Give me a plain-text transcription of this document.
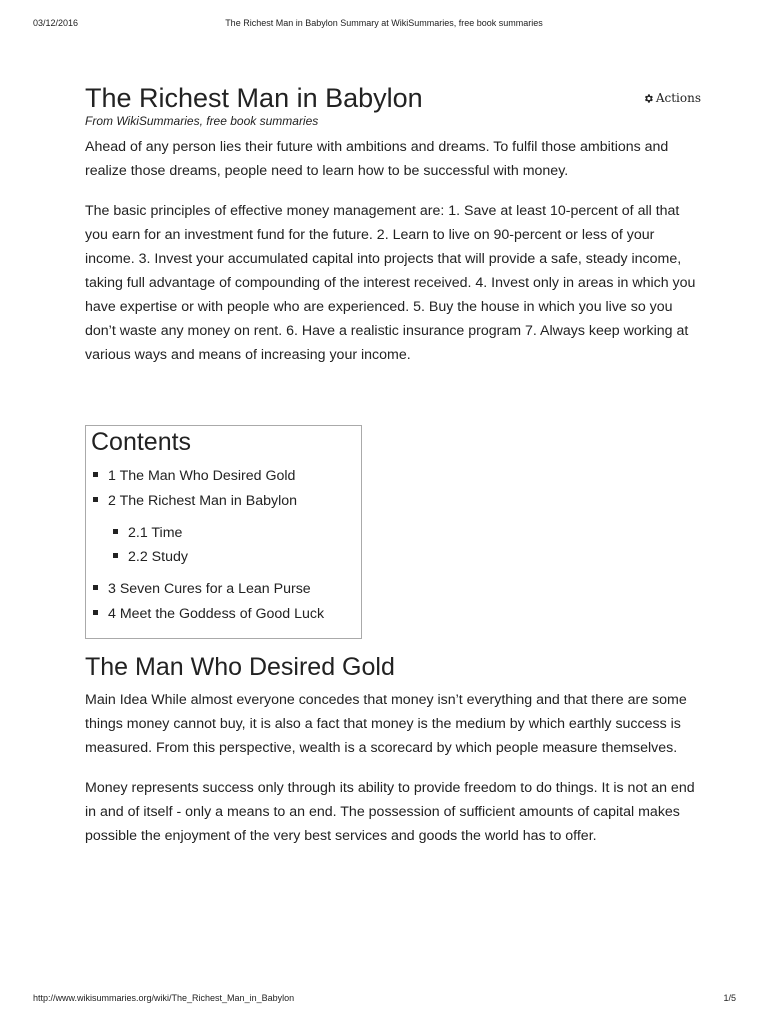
03/12/2016	The Richest Man in Babylon Summary at WikiSummaries, free book summaries
The Richest Man in Babylon	Actions
From WikiSummaries, free book summaries

Ahead of any person lies their future with ambitions and dreams. To fulfil those ambitions and realize those dreams, people need to learn how to be successful with money.

The basic principles of effective money management are: 1. Save at least 10-percent of all that you earn for an investment fund for the future. 2. Learn to live on 90-percent or less of your income. 3. Invest your accumulated capital into projects that will provide a safe, steady income, taking full advantage of compounding of the interest received. 4. Invest only in areas in which you have expertise or with people who are experienced. 5. Buy the house in which you live so you don’t waste any money on rent. 6. Have a realistic insurance program 7. Always keep working at various ways and means of increasing your income.

Contents
1 The Man Who Desired Gold
2 The Richest Man in Babylon
2.1 Time
2.2 Study
3 Seven Cures for a Lean Purse
4 Meet the Goddess of Good Luck
The Man Who Desired Gold

Main Idea While almost everyone concedes that money isn’t everything and that there are some things money cannot buy, it is also a fact that money is the medium by which earthly success is measured. From this perspective, wealth is a scorecard by which people measure themselves.

Money represents success only through its ability to provide freedom to do things. It is not an end in and of itself - only a means to an end. The possession of sufficient amounts of capital makes possible the enjoyment of the very best services and goods the world has to offer.

http://www.wikisummaries.org/wiki/The_Richest_Man_in_Babylon	1/5
